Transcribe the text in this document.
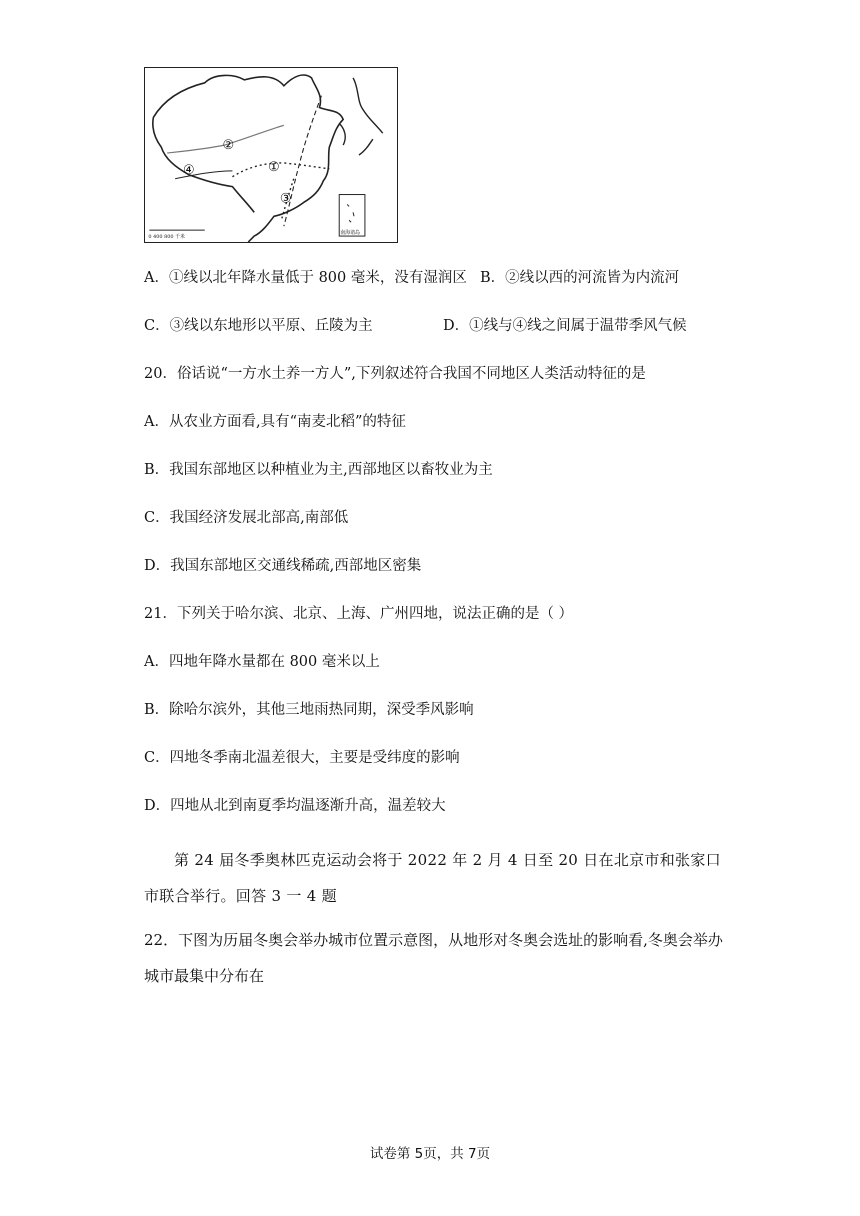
②
①
④
③
0 400 800 千米
南海诸岛
A．①线以北年降水量低于 800 毫米，没有湿润区 B．②线以西的河流皆为内流河
C．③线以东地形以平原、丘陵为主	D．①线与④线之间属于温带季风气候
20．俗话说“一方水土养一方人”,下列叙述符合我国不同地区人类活动特征的是
A．从农业方面看,具有“南麦北稻”的特征
B．我国东部地区以种植业为主,西部地区以畜牧业为主
C．我国经济发展北部高,南部低
D．我国东部地区交通线稀疏,西部地区密集
21．下列关于哈尔滨、北京、上海、广州四地，说法正确的是（ ）
A．四地年降水量都在 800 毫米以上
B．除哈尔滨外，其他三地雨热同期，深受季风影响
C．四地冬季南北温差很大，主要是受纬度的影响
D．四地从北到南夏季均温逐渐升高，温差较大
第 24 届冬季奥林匹克运动会将于 2022 年 2 月 4 日至 20 日在北京市和张家口市联合举行。回答 3 一 4 题
22．下图为历届冬奥会举办城市位置示意图，从地形对冬奥会选址的影响看,冬奥会举办城市最集中分布在
试卷第 5页，共 7页
